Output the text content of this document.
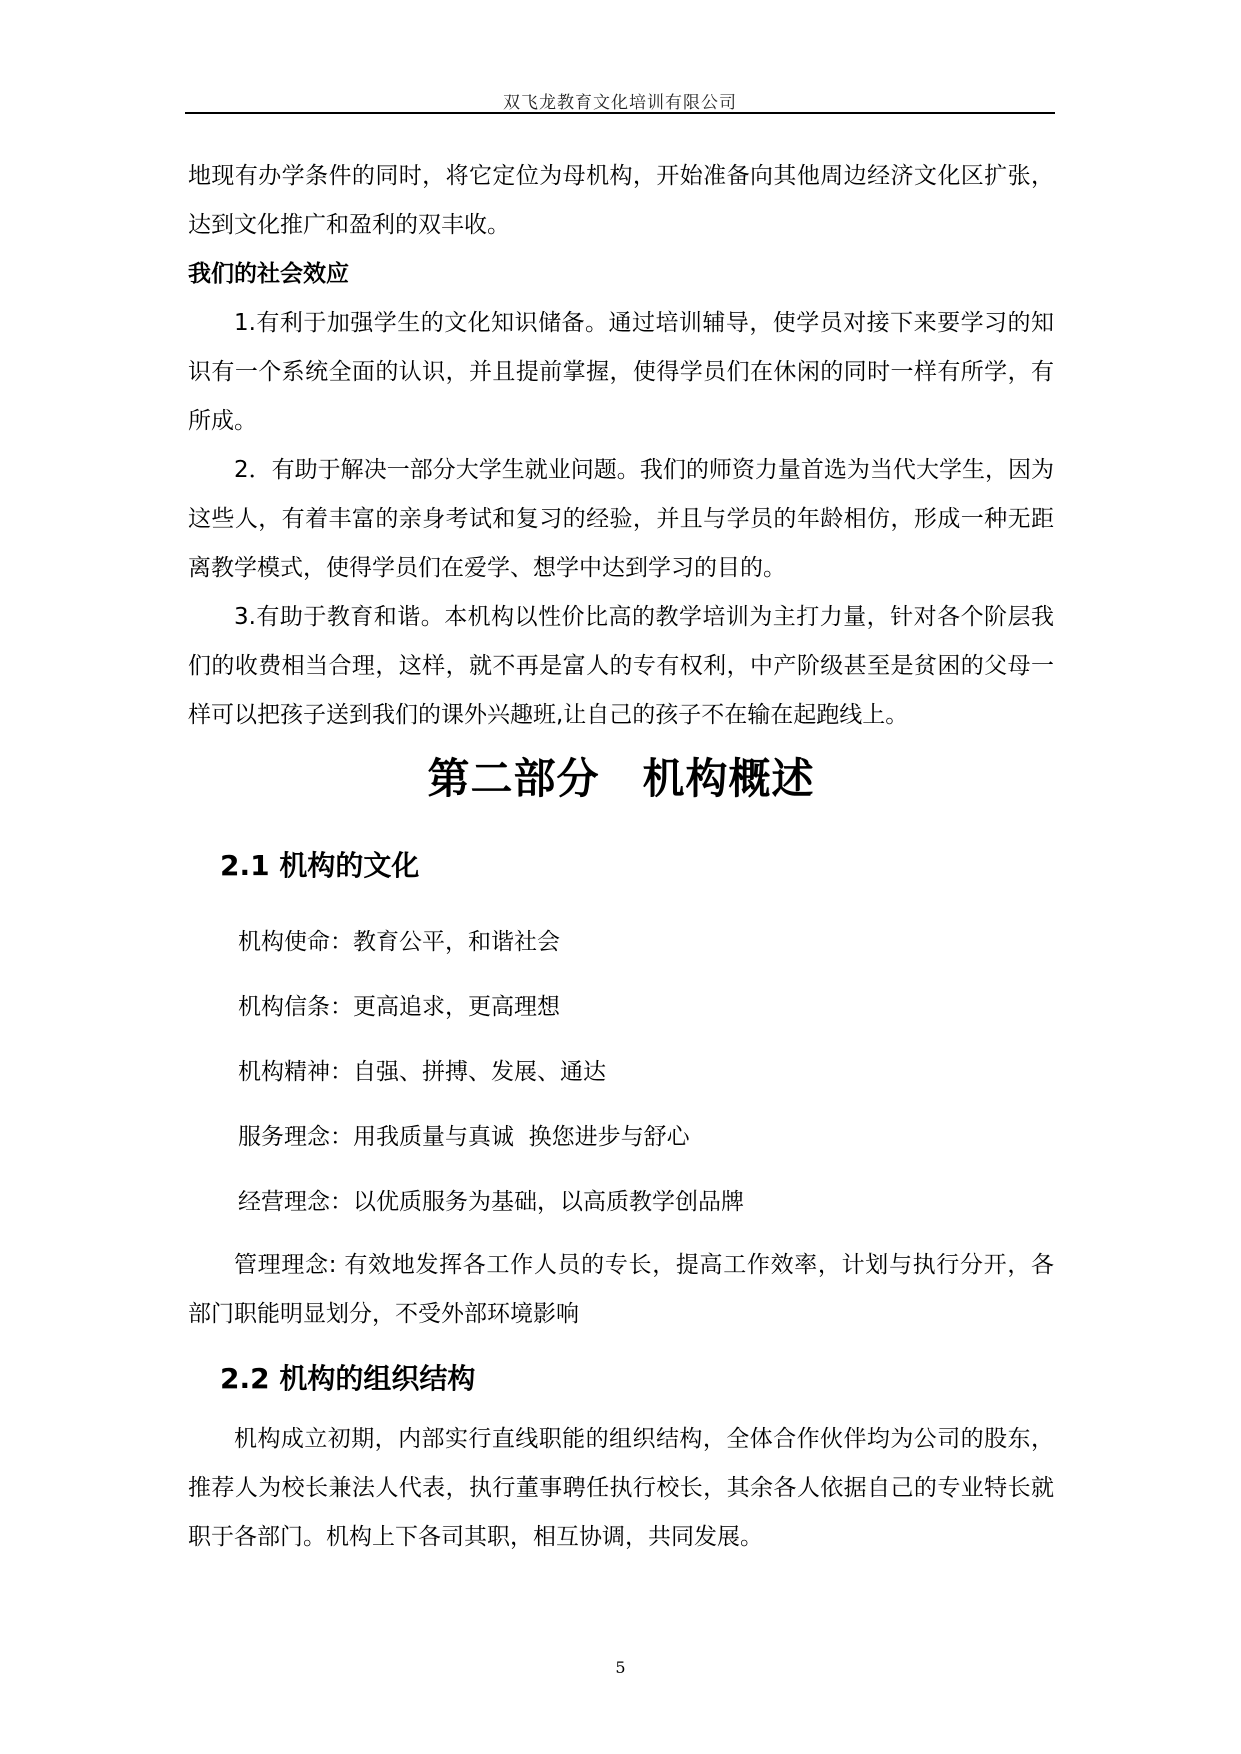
双飞龙教育文化培训有限公司

地现有办学条件的同时，将它定位为母机构，开始准备向其他周边经济文化区扩张，达到文化推广和盈利的双丰收。

我们的社会效应

1.有利于加强学生的文化知识储备。通过培训辅导，使学员对接下来要学习的知识有一个系统全面的认识，并且提前掌握，使得学员们在休闲的同时一样有所学，有所成。

2．有助于解决一部分大学生就业问题。我们的师资力量首选为当代大学生，因为这些人，有着丰富的亲身考试和复习的经验，并且与学员的年龄相仿，形成一种无距离教学模式，使得学员们在爱学、想学中达到学习的目的。

3.有助于教育和谐。本机构以性价比高的教学培训为主打力量，针对各个阶层我们的收费相当合理，这样，就不再是富人的专有权利，中产阶级甚至是贫困的父母一样可以把孩子送到我们的课外兴趣班,让自己的孩子不在输在起跑线上。

第二部分　机构概述
2.1 机构的文化

机构使命：教育公平，和谐社会

机构信条：更高追求，更高理想

机构精神：自强、拼搏、发展、通达

服务理念：用我质量与真诚  换您进步与舒心

经营理念：以优质服务为基础，以高质教学创品牌

管理理念: 有效地发挥各工作人员的专长，提高工作效率，计划与执行分开，各部门职能明显划分，不受外部环境影响

2.2 机构的组织结构

机构成立初期，内部实行直线职能的组织结构，全体合作伙伴均为公司的股东，推荐人为校长兼法人代表，执行董事聘任执行校长，其余各人依据自己的专业特长就职于各部门。机构上下各司其职，相互协调，共同发展。

5
